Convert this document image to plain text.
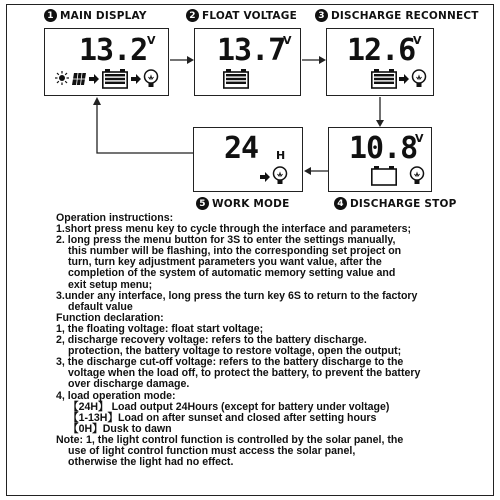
1 MAIN DISPLAY	2 FLOAT VOLTAGE	3 DISCHARGE RECONNECT
13.2 V 13.7
V 12.6
V
24 H 10.8
V
5 WORK MODE	4 DISCHARGE STOP
Operation instructions:
1.short press menu key to cycle through the interface and parameters;
2. long press the menu button for 3S to enter the settings manually,
this number will be flashing, into the corresponding set project on
turn, turn key adjustment parameters you want value, after the
completion of the system of automatic memory setting value and
exit setup menu;
3.under any interface, long press the turn key 6S to return to the factory
default value
Function declaration:
1, the floating voltage: float start voltage;
2, discharge recovery voltage: refers to the battery discharge.
protection, the battery voltage to restore voltage, open the output;
3, the discharge cut-off voltage: refers to the battery discharge to the
voltage when the load off, to protect the battery, to prevent the battery
over discharge damage.
4, load operation mode:
【24H】 Load output 24Hours (except for battery under voltage)
【1-13H】Load on after sunset and closed after setting hours
【0H】Dusk to dawn
Note: 1, the light control function is controlled by the solar panel, the
use of light control function must access the solar panel,
otherwise the light had no effect.
